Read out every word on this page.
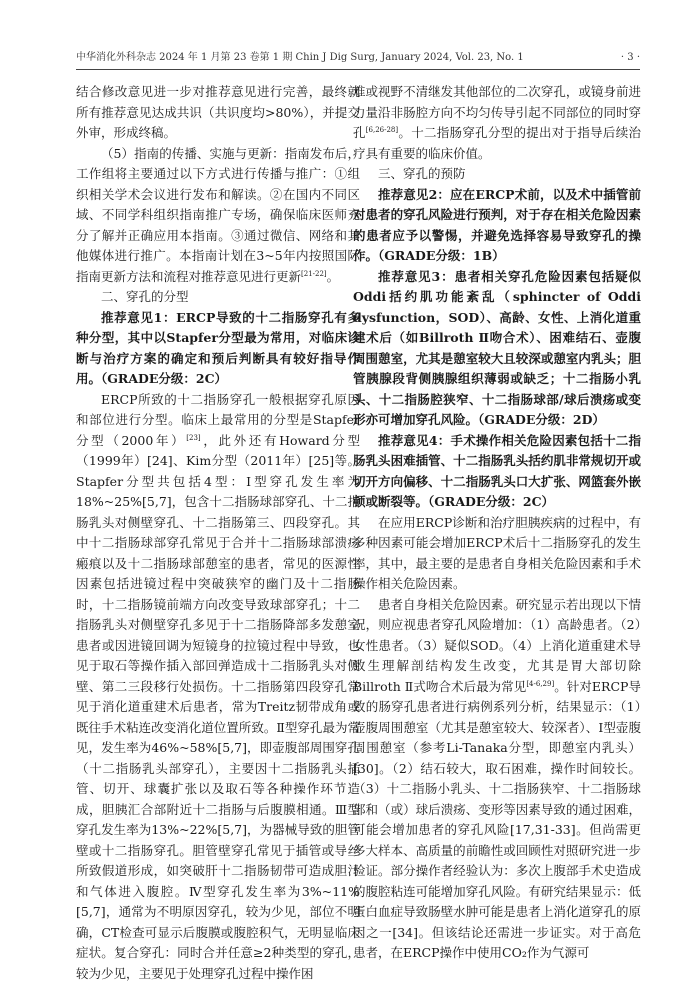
中华消化外科杂志 2024 年 1 月第 23 卷第 1 期 Chin J Dig Surg, January 2024, Vol. 23, No. 1	· 3 ·

结合修改意见进一步对推荐意见进行完善，最终就所有推荐意见达成共识（共识度均>80%），并提交外审，形成终稿。

（5）指南的传播、实施与更新：指南发布后，工作组将主要通过以下方式进行传播与推广：①组织相关学术会议进行发布和解读。②在国内不同区域、不同学科组织指南推广专场，确保临床医师充分了解并正确应用本指南。③通过微信、网络和其他媒体进行推广。本指南计划在3~5年内按照国际指南更新方法和流程对推荐意见进行更新[21-22]。

二、穿孔的分型

推荐意见1：ERCP导致的十二指肠穿孔有多种分型，其中以Stapfer分型最为常用，对临床诊断与治疗方案的确定和预后判断具有较好指导作用。（GRADE分级：2C）

ERCP所致的十二指肠穿孔一般根据穿孔原因和部位进行分型。临床上最常用的分型是Stapfer分型（2000年）[23]，此外还有Howard分型（1999年）[24]、Kim分型（2011年）[25]等。Stapfer分型共包括4型：Ⅰ型穿孔发生率为18%~25%[5,7]，包含十二指肠球部穿孔、十二指肠乳头对侧壁穿孔、十二指肠第三、四段穿孔。其中十二指肠球部穿孔常见于合并十二指肠球部溃疡瘢痕以及十二指肠球部憩室的患者，常见的医源性因素包括进镜过程中突破狭窄的幽门及十二指肠时，十二指肠镜前端方向改变导致球部穿孔；十二指肠乳头对侧壁穿孔多见于十二指肠降部多发憩室患者或因进镜回调为短镜身的拉镜过程中导致，也见于取石等操作插入部回弹造成十二指肠乳头对侧壁、第二三段移行处损伤。十二指肠第四段穿孔常见于消化道重建术后患者，常为Treitz韧带成角或既往手术粘连改变消化道位置所致。Ⅱ型穿孔最为常见，发生率为46%~58%[5,7]，即壶腹部周围穿孔（十二指肠乳头部穿孔），主要因十二指肠乳头插管、切开、球囊扩张以及取石等各种操作环节造成，胆胰汇合部附近十二指肠与后腹膜相通。Ⅲ型穿孔发生率为13%~22%[5,7]，为器械导致的胆管壁或十二指肠穿孔。胆管壁穿孔常见于插管或导丝所致假道形成，如突破肝十二指肠韧带可造成胆汁和气体进入腹腔。Ⅳ型穿孔发生率为3%~11%[5,7]，通常为不明原因穿孔，较为少见，部位不明确，CT检查可显示后腹膜或腹腔积气，无明显临床症状。复合穿孔：同时合并任意≥2种类型的穿孔，较为少见，主要见于处理穿孔过程中操作困

难或视野不清继发其他部位的二次穿孔，或镜身前进力量沿非肠腔方向不均匀传导引起不同部位的同时穿孔[6,26-28]。十二指肠穿孔分型的提出对于指导后续治疗具有重要的临床价值。

三、穿孔的预防

推荐意见2：应在ERCP术前，以及术中插管前对患者的穿孔风险进行预判，对于存在相关危险因素的患者应予以警惕，并避免选择容易导致穿孔的操作。（GRADE分级：1B）

推荐意见3：患者相关穿孔危险因素包括疑似Oddi括约肌功能紊乱（sphincter of Oddi dysfunction，SOD）、高龄、女性、上消化道重建术后（如Billroth Ⅱ吻合术）、困难结石、壶腹周围憩室，尤其是憩室较大且较深或憩室内乳头；胆管胰腺段背侧胰腺组织薄弱或缺乏；十二指肠小乳头、十二指肠腔狭窄、十二指肠球部/球后溃疡或变形亦可增加穿孔风险。（GRADE分级：2D）

推荐意见4：手术操作相关危险因素包括十二指肠乳头困难插管、十二指肠乳头括约肌非常规切开或切开方向偏移、十二指肠乳头口大扩张、网篮套外嵌顿或断裂等。（GRADE分级：2C）

在应用ERCP诊断和治疗胆胰疾病的过程中，有多种因素可能会增加ERCP术后十二指肠穿孔的发生率，其中，最主要的是患者自身相关危险因素和手术操作相关危险因素。

患者自身相关危险因素。研究显示若出现以下情况，则应视患者穿孔风险增加：（1）高龄患者。（2）女性患者。（3）疑似SOD。（4）上消化道重建术导致生理解剖结构发生改变，尤其是胃大部切除Billroth Ⅱ式吻合术后最为常见[4-6,29]。针对ERCP导致的肠穿孔患者进行病例系列分析，结果显示：（1）壶腹周围憩室（尤其是憩室较大、较深者）、Ⅰ型壶腹周围憩室（参考Li-Tanaka分型，即憩室内乳头）[30]。（2）结石较大，取石困难，操作时间较长。（3）十二指肠小乳头、十二指肠狭窄、十二指肠球部和（或）球后溃疡、变形等因素导致的通过困难，可能会增加患者的穿孔风险[17,31-33]。但尚需更多大样本、高质量的前瞻性或回顾性对照研究进一步验证。部分操作者经验认为：多次上腹部手术史造成的腹腔粘连可能增加穿孔风险。有研究结果显示：低蛋白血症导致肠壁水肿可能是患者上消化道穿孔的原因之一[34]。但该结论还需进一步证实。对于高危患者，在ERCP操作中使用CO₂作为气源可
